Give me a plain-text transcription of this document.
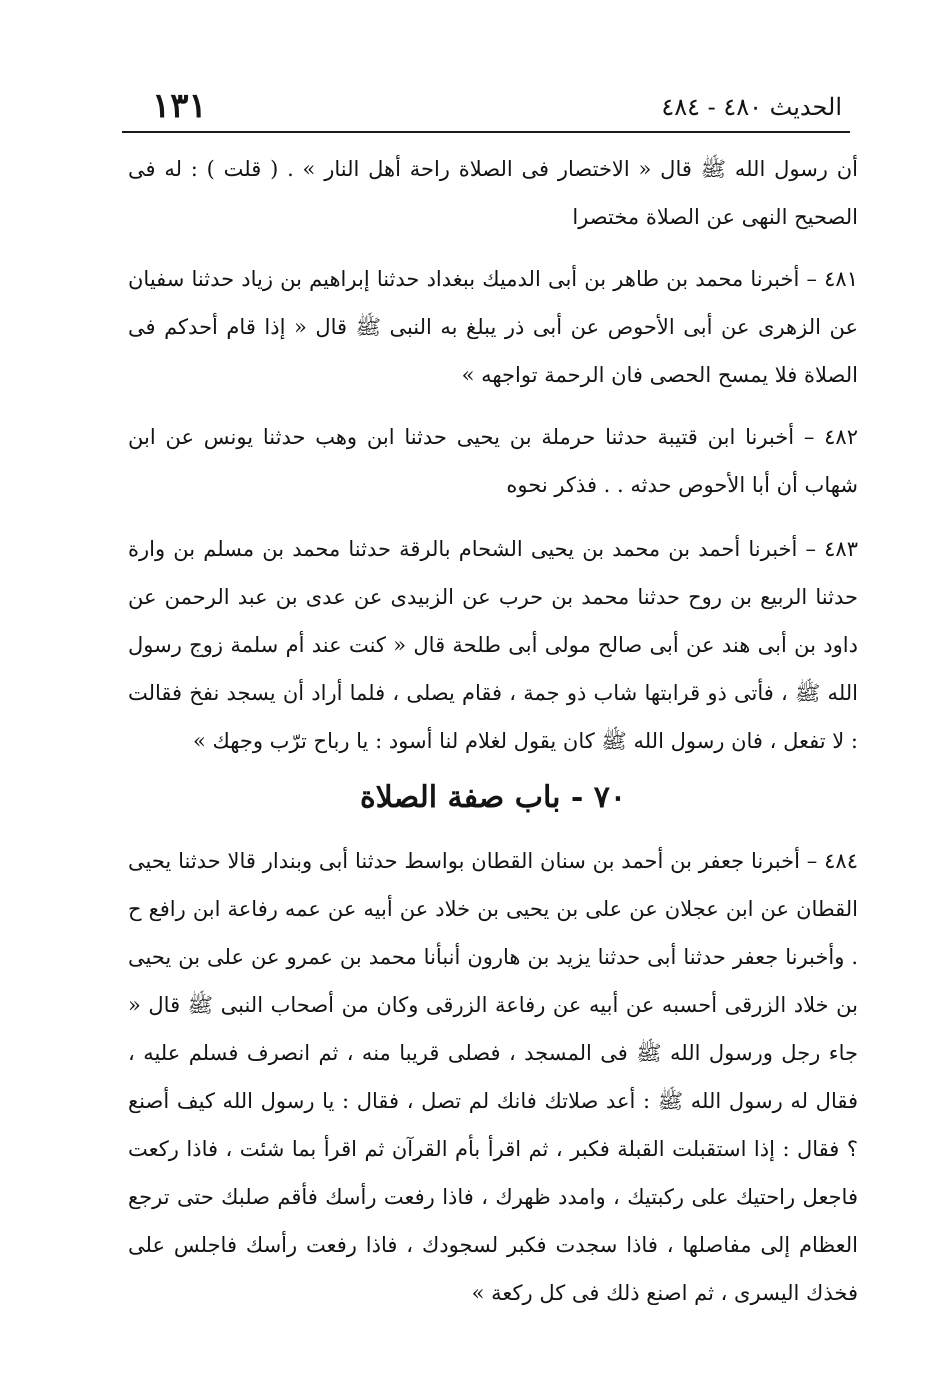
١٣١	الحديث ٤٨٠ - ٤٨٤

أن رسول الله ﷺ قال « الاختصار فى الصلاة راحة أهل النار » . ( قلت ) : له فى الصحيح النهى عن الصلاة مختصرا

٤٨١ – أخبرنا محمد بن طاهر بن أبى الدميك ببغداد حدثنا إبراهيم بن زياد حدثنا سفيان عن الزهرى عن أبى الأحوص عن أبى ذر يبلغ به النبى ﷺ قال « إذا قام أحدكم فى الصلاة فلا يمسح الحصى فان الرحمة تواجهه »

٤٨٢ – أخبرنا ابن قتيبة حدثنا حرملة بن يحيى حدثنا ابن وهب حدثنا يونس عن ابن شهاب أن أبا الأحوص حدثه . . فذكر نحوه

٤٨٣ – أخبرنا أحمد بن محمد بن يحيى الشحام بالرقة حدثنا محمد بن مسلم بن وارة حدثنا الربيع بن روح حدثنا محمد بن حرب عن الزبيدى عن عدى بن عبد الرحمن عن داود بن أبى هند عن أبى صالح مولى أبى طلحة قال « كنت عند أم سلمة زوج رسول الله ﷺ ، فأتى ذو قرابتها شاب ذو جمة ، فقام يصلى ، فلما أراد أن يسجد نفخ فقالت : لا تفعل ، فان رسول الله ﷺ كان يقول لغلام لنا أسود : يا رباح ترّب وجهك »

٧٠ - باب صفة الصلاة

٤٨٤ – أخبرنا جعفر بن أحمد بن سنان القطان بواسط حدثنا أبى وبندار قالا حدثنا يحيى القطان عن ابن عجلان عن على بن يحيى بن خلاد عن أبيه عن عمه رفاعة ابن رافع ح . وأخبرنا جعفر حدثنا أبى حدثنا يزيد بن هارون أنبأنا محمد بن عمرو عن على بن يحيى بن خلاد الزرقى أحسبه عن أبيه عن رفاعة الزرقى وكان من أصحاب النبى ﷺ قال « جاء رجل ورسول الله ﷺ فى المسجد ، فصلى قريبا منه ، ثم انصرف فسلم عليه ، فقال له رسول الله ﷺ : أعد صلاتك فانك لم تصل ، فقال : يا رسول الله كيف أصنع ؟ فقال : إذا استقبلت القبلة فكبر ، ثم اقرأ بأم القرآن ثم اقرأ بما شئت ، فاذا ركعت فاجعل راحتيك على ركبتيك ، وامدد ظهرك ، فاذا رفعت رأسك فأقم صلبك حتى ترجع العظام إلى مفاصلها ، فاذا سجدت فكبر لسجودك ، فاذا رفعت رأسك فاجلس على فخذك اليسرى ، ثم اصنع ذلك فى كل ركعة »
